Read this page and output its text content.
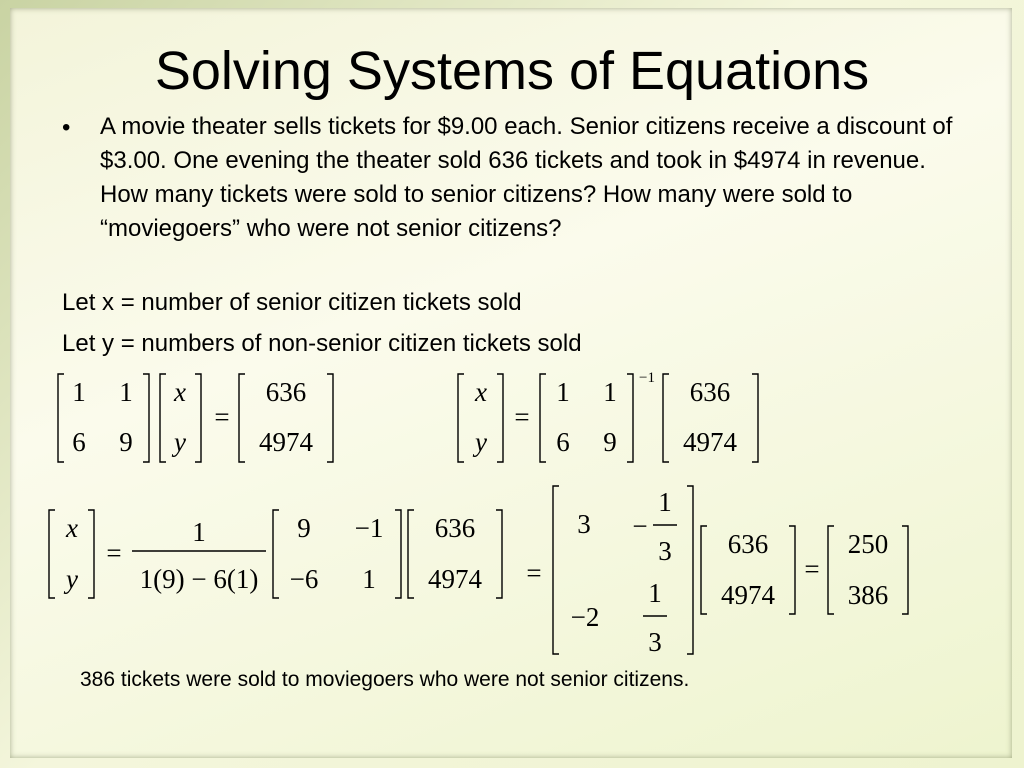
Solving Systems of Equations
• A movie theater sells tickets for $9.00 each. Senior citizens receive a discount of $3.00. One evening the theater sold 636 tickets and took in $4974 in revenue. How many tickets were sold to senior citizens? How many were sold to “moviegoers” who were not senior citizens?
Let x = number of senior citizen tickets sold
Let y = numbers of non-senior citizen tickets sold
1 1
6 9
x
y
=
636
4974
x
y
=
1 1
6 9
−1 636
4974
x
y
=
1
1(9) − 6(1)
9 −1
−6 1
636
4974 =
3 −
1
3
−2
1
3
636
4974
=
250
386
386 tickets were sold to moviegoers who were not senior citizens.
